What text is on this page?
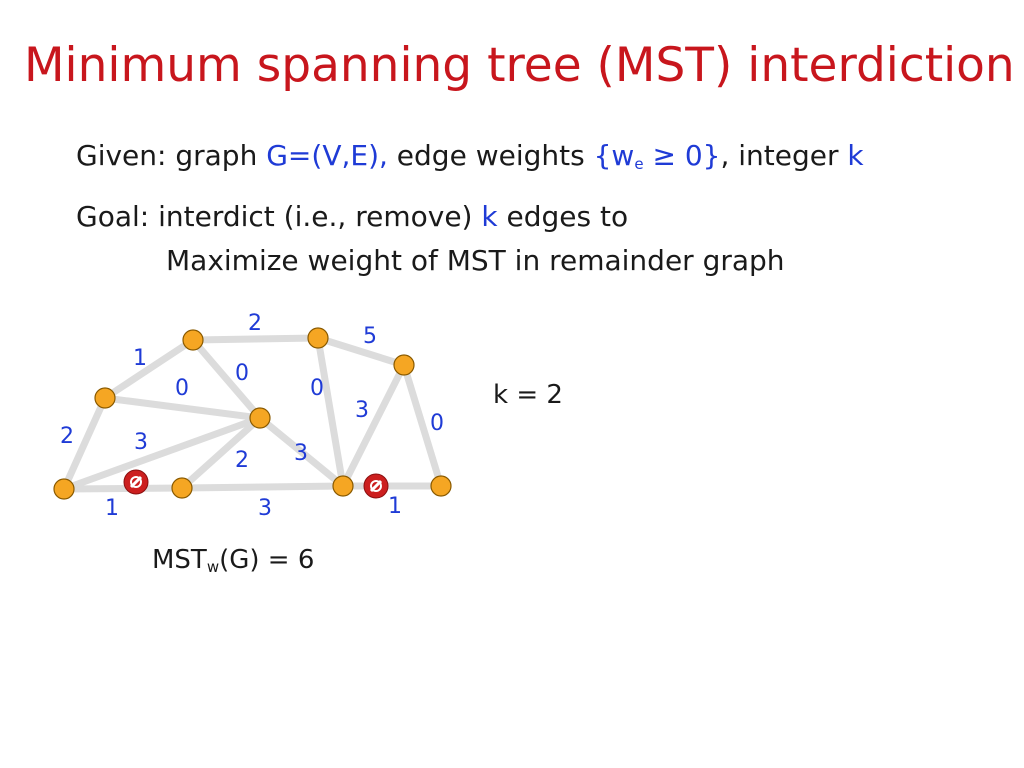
Minimum spanning tree (MST) interdiction
Given: graph G=(V,E), edge weights $\{w_e \ge 0\}$, integer k
Goal: interdict (i.e., remove) k edges to
Maximize weight of MST in remainder graph
2
5
1
0
0	0
3
0
2	3	3
2
1	3	1
k = 2
$MST_w(G) = 6$
